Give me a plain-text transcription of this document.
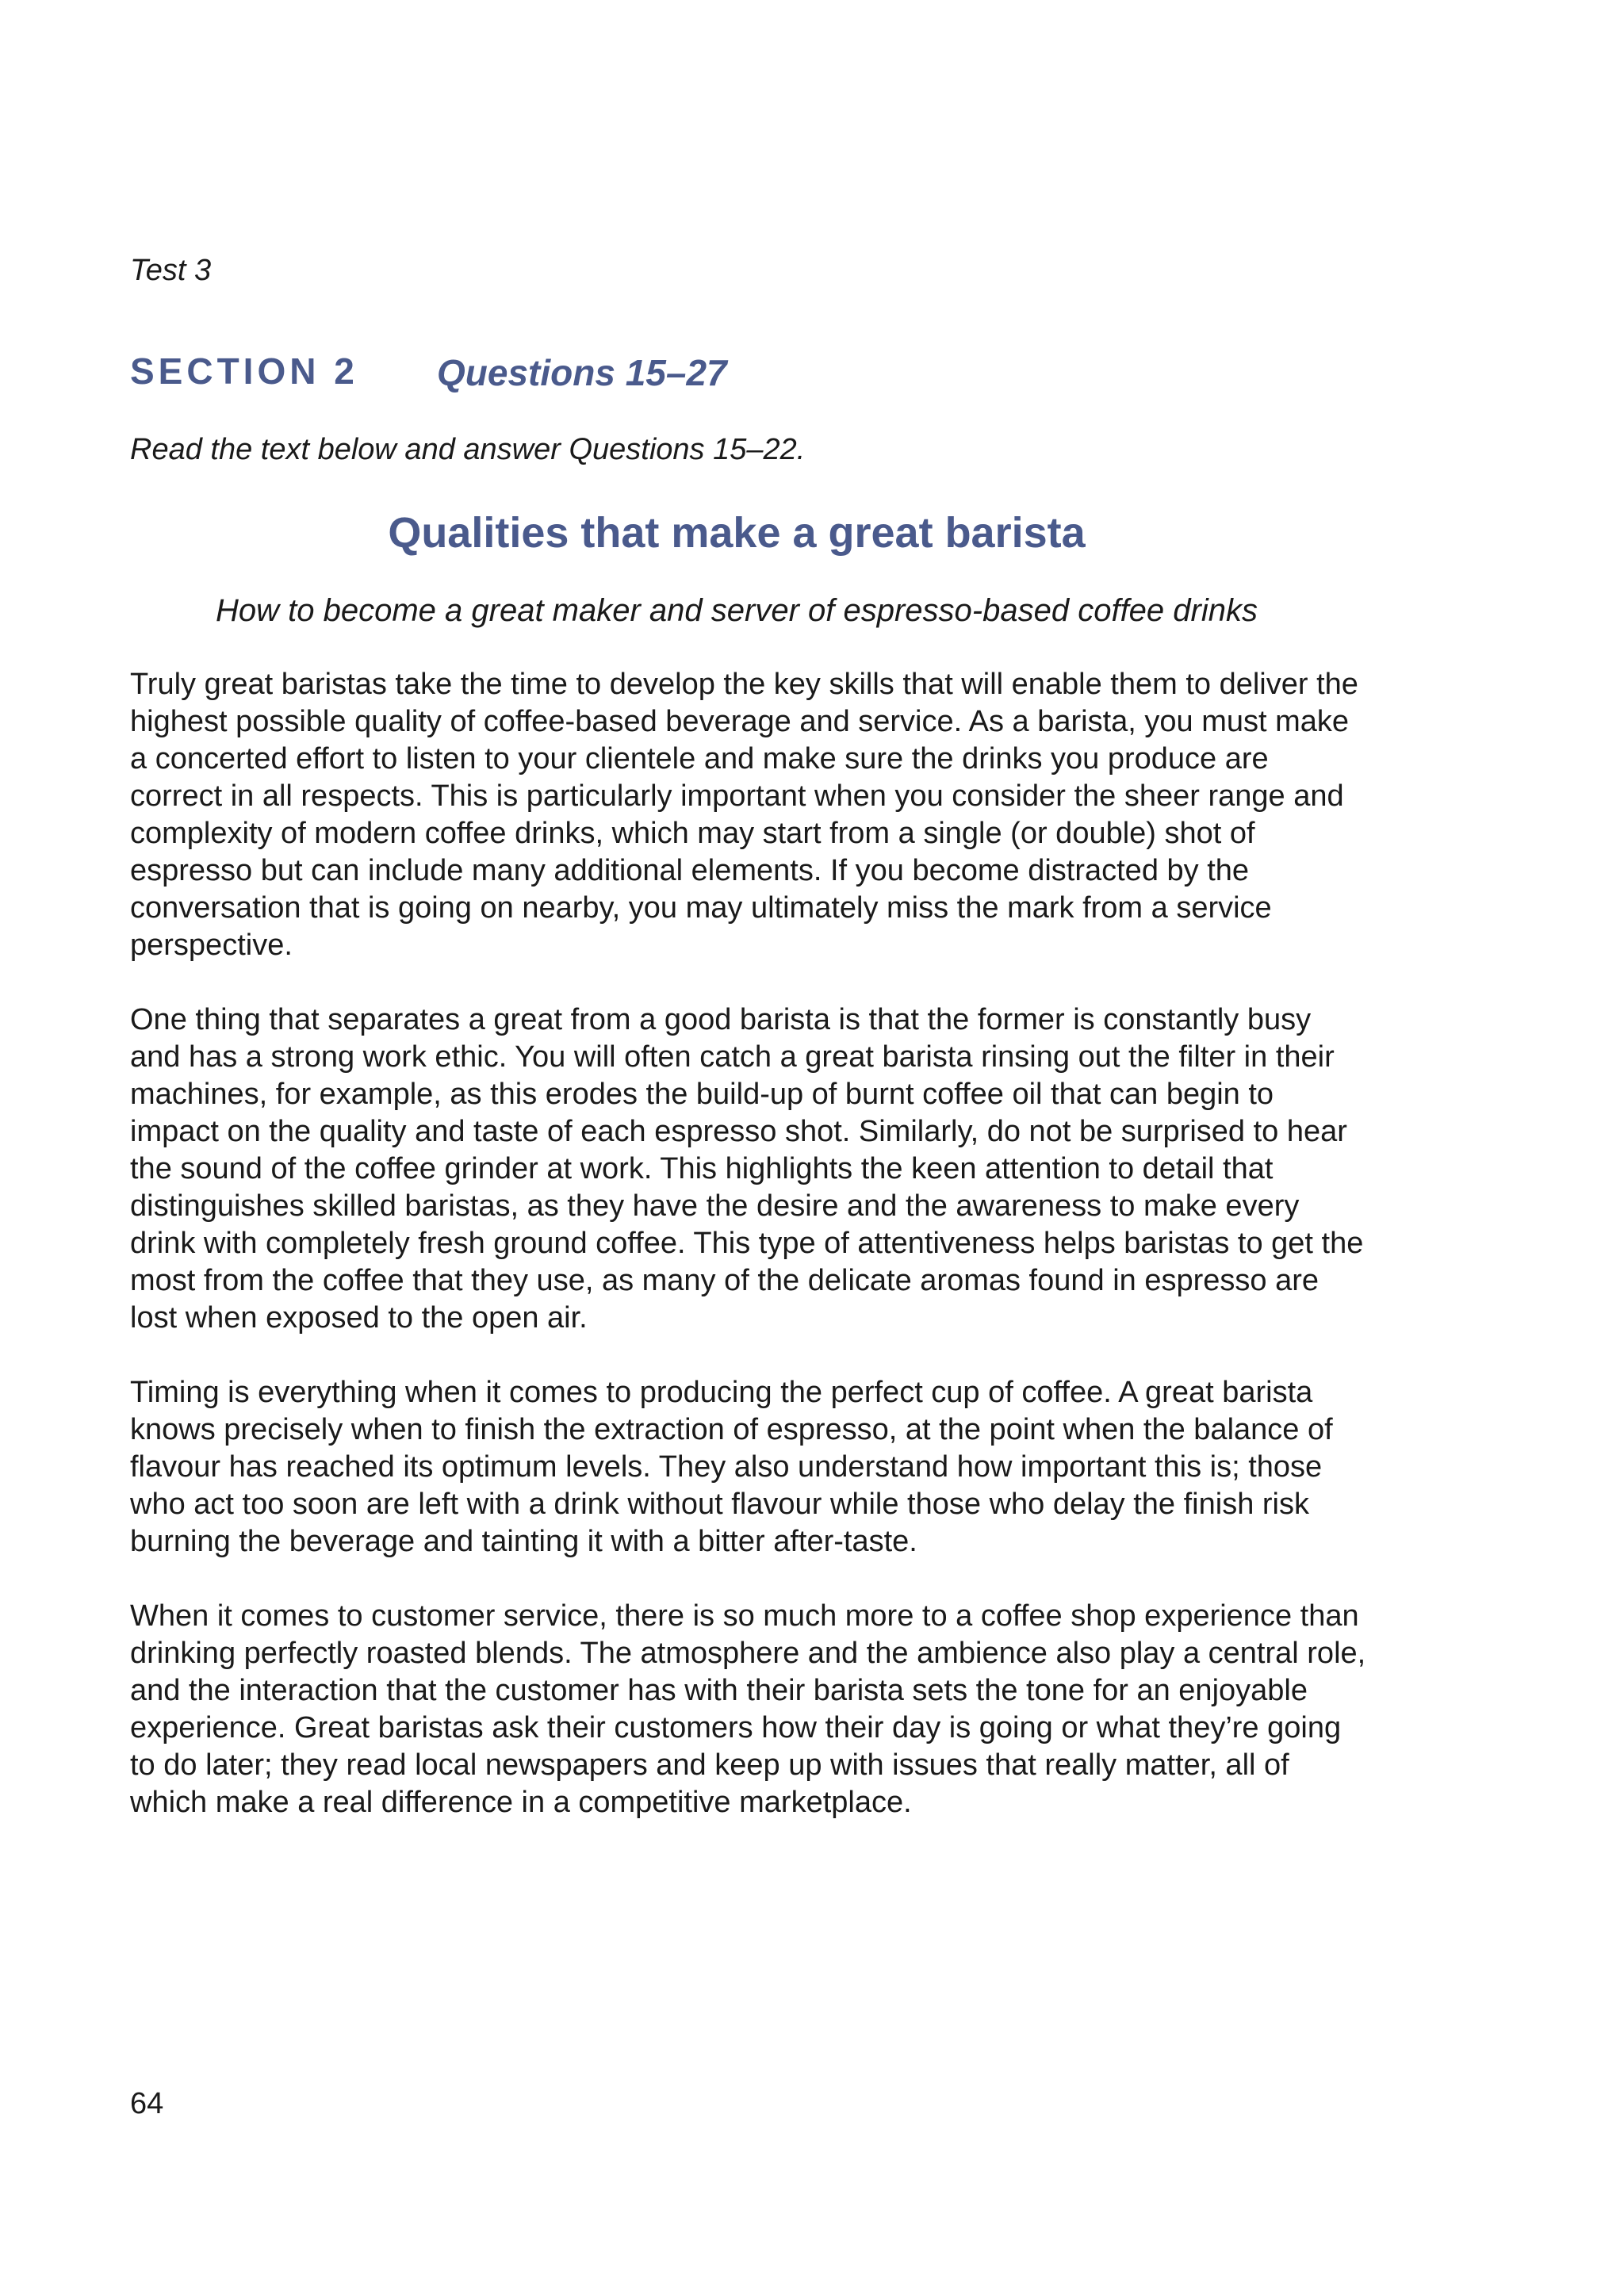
Test 3
SECTION 2 Questions 15–27
Read the text below and answer Questions 15–22.
Qualities that make a great barista
How to become a great maker and server of espresso-based coffee drinks

Truly great baristas take the time to develop the key skills that will enable them to deliver the highest possible quality of coffee-based beverage and service. As a barista, you must make a concerted effort to listen to your clientele and make sure the drinks you produce are correct in all respects. This is particularly important when you consider the sheer range and complexity of modern coffee drinks, which may start from a single (or double) shot of espresso but can include many additional elements. If you become distracted by the conversation that is going on nearby, you may ultimately miss the mark from a service perspective.

One thing that separates a great from a good barista is that the former is constantly busy and has a strong work ethic. You will often catch a great barista rinsing out the filter in their machines, for example, as this erodes the build-up of burnt coffee oil that can begin to impact on the quality and taste of each espresso shot. Similarly, do not be surprised to hear the sound of the coffee grinder at work. This highlights the keen attention to detail that distinguishes skilled baristas, as they have the desire and the awareness to make every drink with completely fresh ground coffee. This type of attentiveness helps baristas to get the most from the coffee that they use, as many of the delicate aromas found in espresso are lost when exposed to the open air.

Timing is everything when it comes to producing the perfect cup of coffee. A great barista knows precisely when to finish the extraction of espresso, at the point when the balance of flavour has reached its optimum levels. They also understand how important this is; those who act too soon are left with a drink without flavour while those who delay the finish risk burning the beverage and tainting it with a bitter after-taste.

When it comes to customer service, there is so much more to a coffee shop experience than drinking perfectly roasted blends. The atmosphere and the ambience also play a central role, and the interaction that the customer has with their barista sets the tone for an enjoyable experience. Great baristas ask their customers how their day is going or what they’re going to do later; they read local newspapers and keep up with issues that really matter, all of which make a real difference in a competitive marketplace.

64
